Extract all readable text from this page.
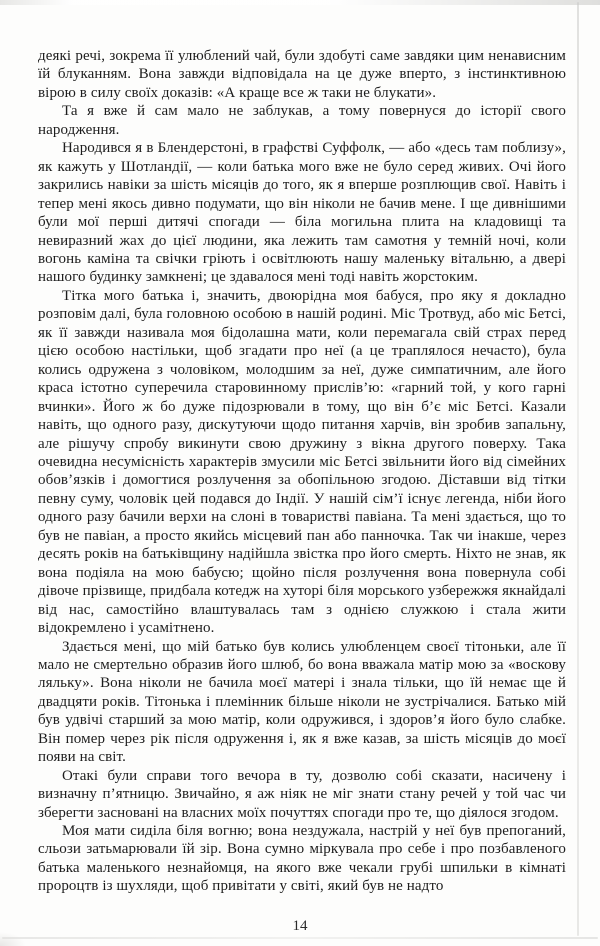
деякі речі, зокрема її улюблений чай, були здобуті саме завдяки цим ненависним їй блуканням. Вона завжди відповідала на це дуже вперто, з інстинктивною вірою в силу своїх доказів: «А краще все ж таки не блукати».

Та я вже й сам мало не заблукав, а тому повернуся до історії свого народження.

Народився я в Блендерстоні, в графстві Суффолк, — або «десь там поблизу», як кажуть у Шотландії, — коли батька мого вже не було серед живих. Очі його закрились навіки за шість місяців до того, як я вперше розплющив свої. Навіть і тепер мені якось дивно подумати, що він ніколи не бачив мене. І ще дивнішими були мої перші дитячі спогади — біла могильна плита на кладовищі та невиразний жах до цієї людини, яка лежить там самотня у темній ночі, коли вогонь каміна та свічки гріють і освітлюють нашу маленьку вітальню, а двері нашого будинку замкнені; це здавалося мені тоді навіть жорстоким.

Тітка мого батька і, значить, двоюрідна моя бабуся, про яку я докладно розповім далі, була головною особою в нашій родині. Міс Тротвуд, або міс Бетсі, як її завжди називала моя бідолашна мати, коли перемагала свій страх перед цією особою настільки, щоб згадати про неї (а це траплялося нечасто), була колись одружена з чоловіком, молодшим за неї, дуже симпатичним, але його краса істотно суперечила старовинному прислів’ю: «гарний той, у кого гарні вчинки». Його ж бо дуже підозрювали в тому, що він б’є міс Бетсі. Казали навіть, що одного разу, дискутуючи щодо питання харчів, він зробив запальну, але рішучу спробу викинути свою дружину з вікна другого поверху. Така очевидна несумісність характерів змусили міс Бетсі звільнити його від сімейних обов’язків і домогтися розлучення за обопільною згодою. Діставши від тітки певну суму, чоловік цей подався до Індії. У нашій сім’ї існує легенда, ніби його одного разу бачили верхи на слоні в товаристві павіана. Та мені здається, що то був не павіан, а просто якийсь місцевий пан або панночка. Так чи інакше, через десять років на батьківщину надійшла звістка про його смерть. Ніхто не знав, як вона подіяла на мою бабусю; щойно після розлучення вона повернула собі дівоче прізвище, придбала котедж на хуторі біля морського узбережжя якнайдалі від нас, самостійно влаштувалась там з однією служкою і стала жити відокремлено і усамітнено.

Здається мені, що мій батько був колись улюбленцем своєї тітоньки, але її мало не смертельно образив його шлюб, бо вона вважала матір мою за «воскову ляльку». Вона ніколи не бачила моєї матері і знала тільки, що їй немає ще й двадцяти років. Тітонька і племінник більше ніколи не зустрічалися. Батько мій був удвічі старший за мою матір, коли одружився, і здоров’я його було слабке. Він помер через рік після одруження і, як я вже казав, за шість місяців до моєї появи на світ.

Отакі були справи того вечора в ту, дозволю собі сказати, насичену і визначну п’ятницю. Звичайно, я аж ніяк не міг знати стану речей у той час чи зберегти засновані на власних моїх почуттях спогади про те, що діялося згодом.

Моя мати сиділа біля вогню; вона нездужала, настрій у неї був препоганий, сльози затьмарювали їй зір. Вона сумно міркувала про себе і про позбавленого батька маленького незнайомця, на якого вже чекали грубі шпильки в кімнаті пророцтв із шухляди, щоб привітати у світі, який був не надто

14
